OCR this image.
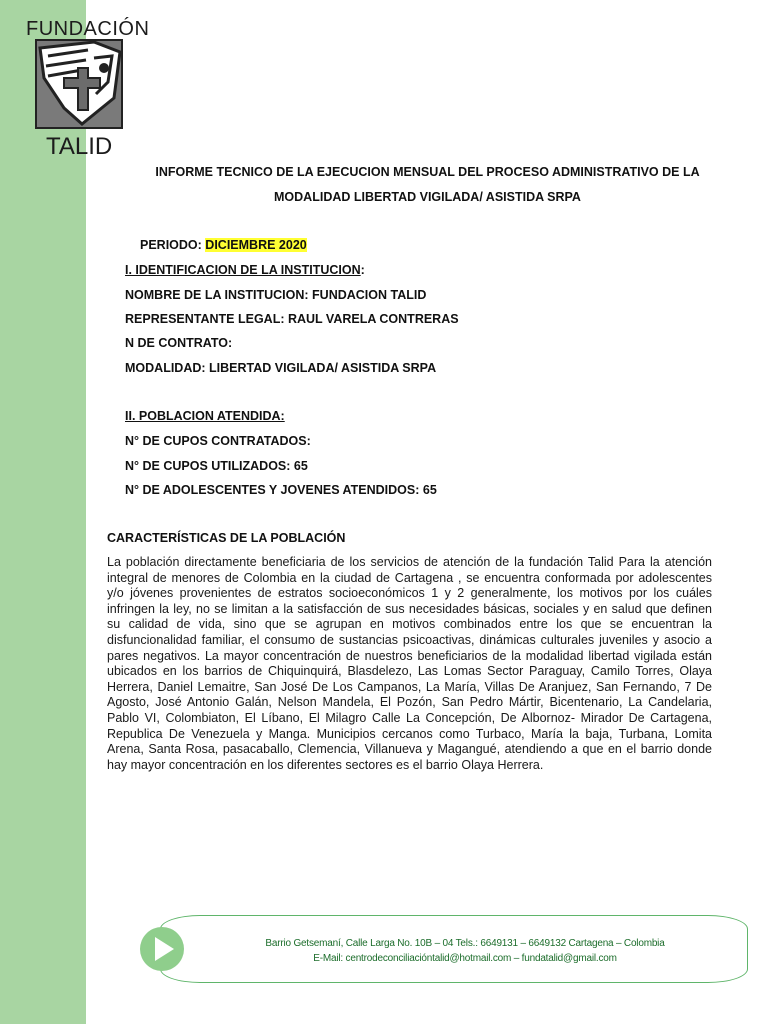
FUNDACIÓN
TALID
INFORME TECNICO DE LA EJECUCION MENSUAL DEL PROCESO ADMINISTRATIVO DE LA
MODALIDAD LIBERTAD VIGILADA/ ASISTIDA SRPA
PERIODO: DICIEMBRE 2020
I. IDENTIFICACION DE LA INSTITUCION:
NOMBRE DE LA INSTITUCION: FUNDACION TALID
REPRESENTANTE LEGAL: RAUL VARELA CONTRERAS
N DE CONTRATO:
MODALIDAD: LIBERTAD VIGILADA/ ASISTIDA SRPA
II. POBLACION ATENDIDA:
N° DE CUPOS CONTRATADOS:
N° DE CUPOS UTILIZADOS: 65
N° DE ADOLESCENTES Y JOVENES ATENDIDOS: 65
CARACTERÍSTICAS DE LA POBLACIÓN
La población directamente beneficiaria de los servicios de atención de la fundación Talid Para la atención integral de menores de Colombia en la ciudad de Cartagena , se encuentra conformada por adolescentes y/o jóvenes provenientes de estratos socioeconómicos 1 y 2 generalmente, los motivos por los cuáles infringen la ley, no se limitan a la satisfacción de sus necesidades básicas, sociales y en salud que definen su calidad de vida, sino que se agrupan en motivos combinados entre los que se encuentran la disfuncionalidad familiar, el consumo de sustancias psicoactivas, dinámicas culturales juveniles y asocio a pares negativos. La mayor concentración de nuestros beneficiarios de la modalidad libertad vigilada están ubicados en los barrios de Chiquinquirá, Blasdelezo, Las Lomas Sector Paraguay, Camilo Torres, Olaya Herrera, Daniel Lemaitre, San José De Los Campanos, La María, Villas De Aranjuez, San Fernando, 7 De Agosto, José Antonio Galán, Nelson Mandela, El Pozón, San Pedro Mártir, Bicentenario, La Candelaria, Pablo VI, Colombiaton, El Líbano, El Milagro Calle La Concepción, De Albornoz- Mirador De Cartagena, Republica De Venezuela y Manga. Municipios cercanos como Turbaco, María la baja, Turbana, Lomita Arena, Santa Rosa, pasacaballo, Clemencia, Villanueva y Magangué, atendiendo a que en el barrio donde hay mayor concentración en los diferentes sectores es el barrio Olaya Herrera.
Barrio Getsemaní, Calle Larga No. 10B – 04 Tels.: 6649131 – 6649132 Cartagena – Colombia
E-Mail: centrodeconciliacióntalid@hotmail.com – fundatalid@gmail.com
